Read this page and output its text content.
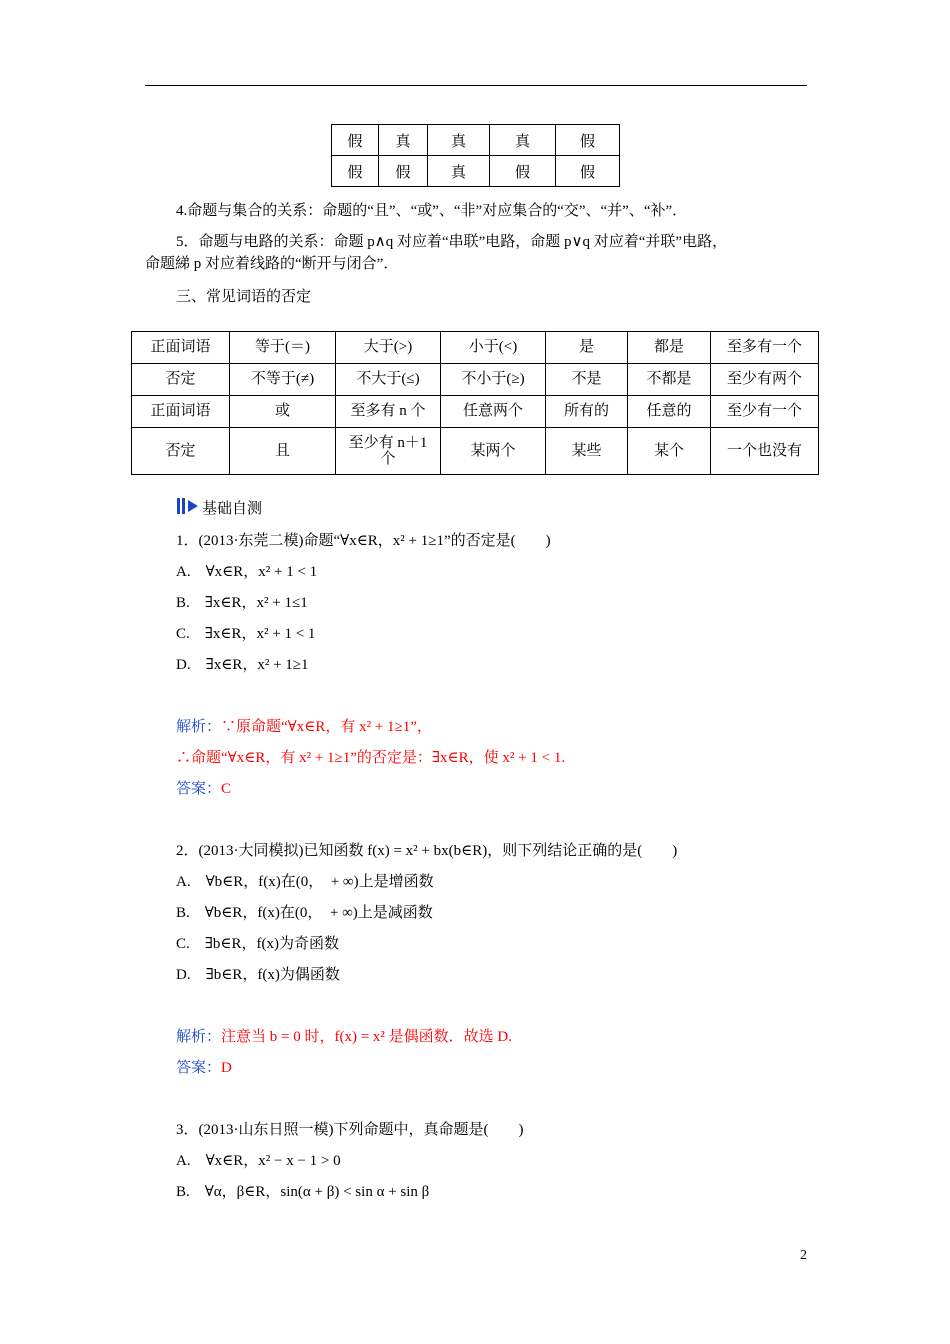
假	真	真	真	假
假	假	真	假	假
4.命题与集合的关系：命题的“且”、“或”、“非”对应集合的“交”、“并”、“补”．
5．命题与电路的关系：命题 p∧q 对应着“串联”电路，命题 p∨q 对应着“并联”电路，
命题綈 p 对应着线路的“断开与闭合”．
三、常见词语的否定
正面词语	等于(＝)	大于(>)	小于(<)	是	都是	至多有一个
否定	不等于(≠)	不大于(≤)	不小于(≥)	不是	不都是	至少有两个
正面词语	或	至多有 n 个	任意两个	所有的	任意的	至少有一个
否定	且	至少有 n＋1 个	某两个	某些	某个	一个也没有
基础自测
1．(2013·东莞二模)命题“∀x∈R，x² + 1≥1”的否定是(　　)
A.　∀x∈R，x² + 1 < 1
B.　∃x∈R，x² + 1≤1
C.　∃x∈R，x² + 1 < 1
D.　∃x∈R，x² + 1≥1
解析：∵原命题“∀x∈R，有 x² + 1≥1”，
∴命题“∀x∈R，有 x² + 1≥1”的否定是：∃x∈R，使 x² + 1 < 1.
答案：C
2．(2013·大同模拟)已知函数 f(x) = x² + bx(b∈R)，则下列结论正确的是(　　)
A.　∀b∈R，f(x)在(0，　+ ∞)上是增函数
B.　∀b∈R，f(x)在(0，　+ ∞)上是减函数
C.　∃b∈R，f(x)为奇函数
D.　∃b∈R，f(x)为偶函数
解析：注意当 b = 0 时，f(x) = x² 是偶函数．故选 D.
答案：D
3．(2013·山东日照一模)下列命题中，真命题是(　　)
A.　∀x∈R，x² − x − 1 > 0
B.　∀α，β∈R，sin(α + β) < sin α + sin β
2
